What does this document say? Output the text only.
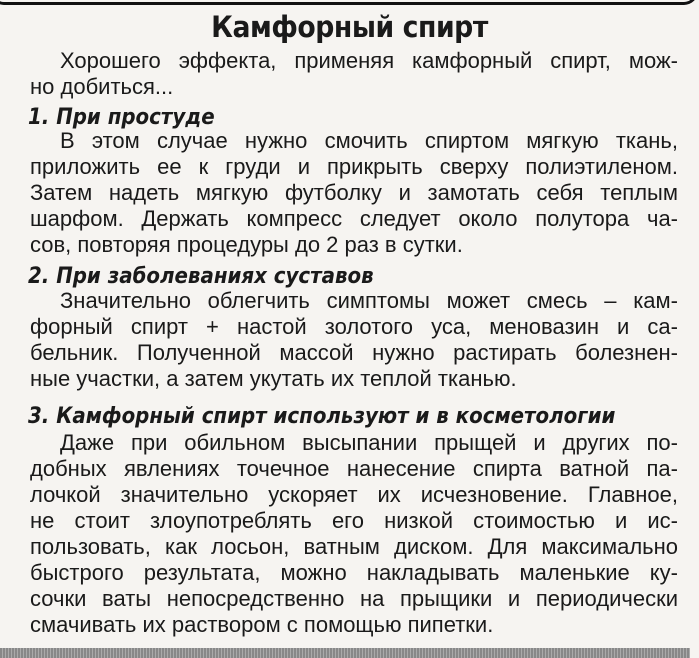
Камфорный спирт
Хорошего эффекта, применяя камфорный спирт, мож-
но добиться...
1. При простуде
В этом случае нужно смочить спиртом мягкую ткань,
приложить ее к груди и прикрыть сверху полиэтиленом.
Затем надеть мягкую футболку и замотать себя теплым
шарфом. Держать компресс следует около полутора ча-
сов, повторяя процедуры до 2 раз в сутки.
2. При заболеваниях суставов
Значительно облегчить симптомы может смесь – кам-
форный спирт + настой золотого уса, меновазин и са-
бельник. Полученной массой нужно растирать болезнен-
ные участки, а затем укутать их теплой тканью.
3. Камфорный спирт используют и в косметологии
Даже при обильном высыпании прыщей и других по-
добных явлениях точечное нанесение спирта ватной па-
лочкой значительно ускоряет их исчезновение. Главное,
не стоит злоупотреблять его низкой стоимостью и ис-
пользовать, как лосьон, ватным диском. Для максимально
быстрого результата, можно накладывать маленькие ку-
сочки ваты непосредственно на прыщики и периодически
смачивать их раствором с помощью пипетки.
